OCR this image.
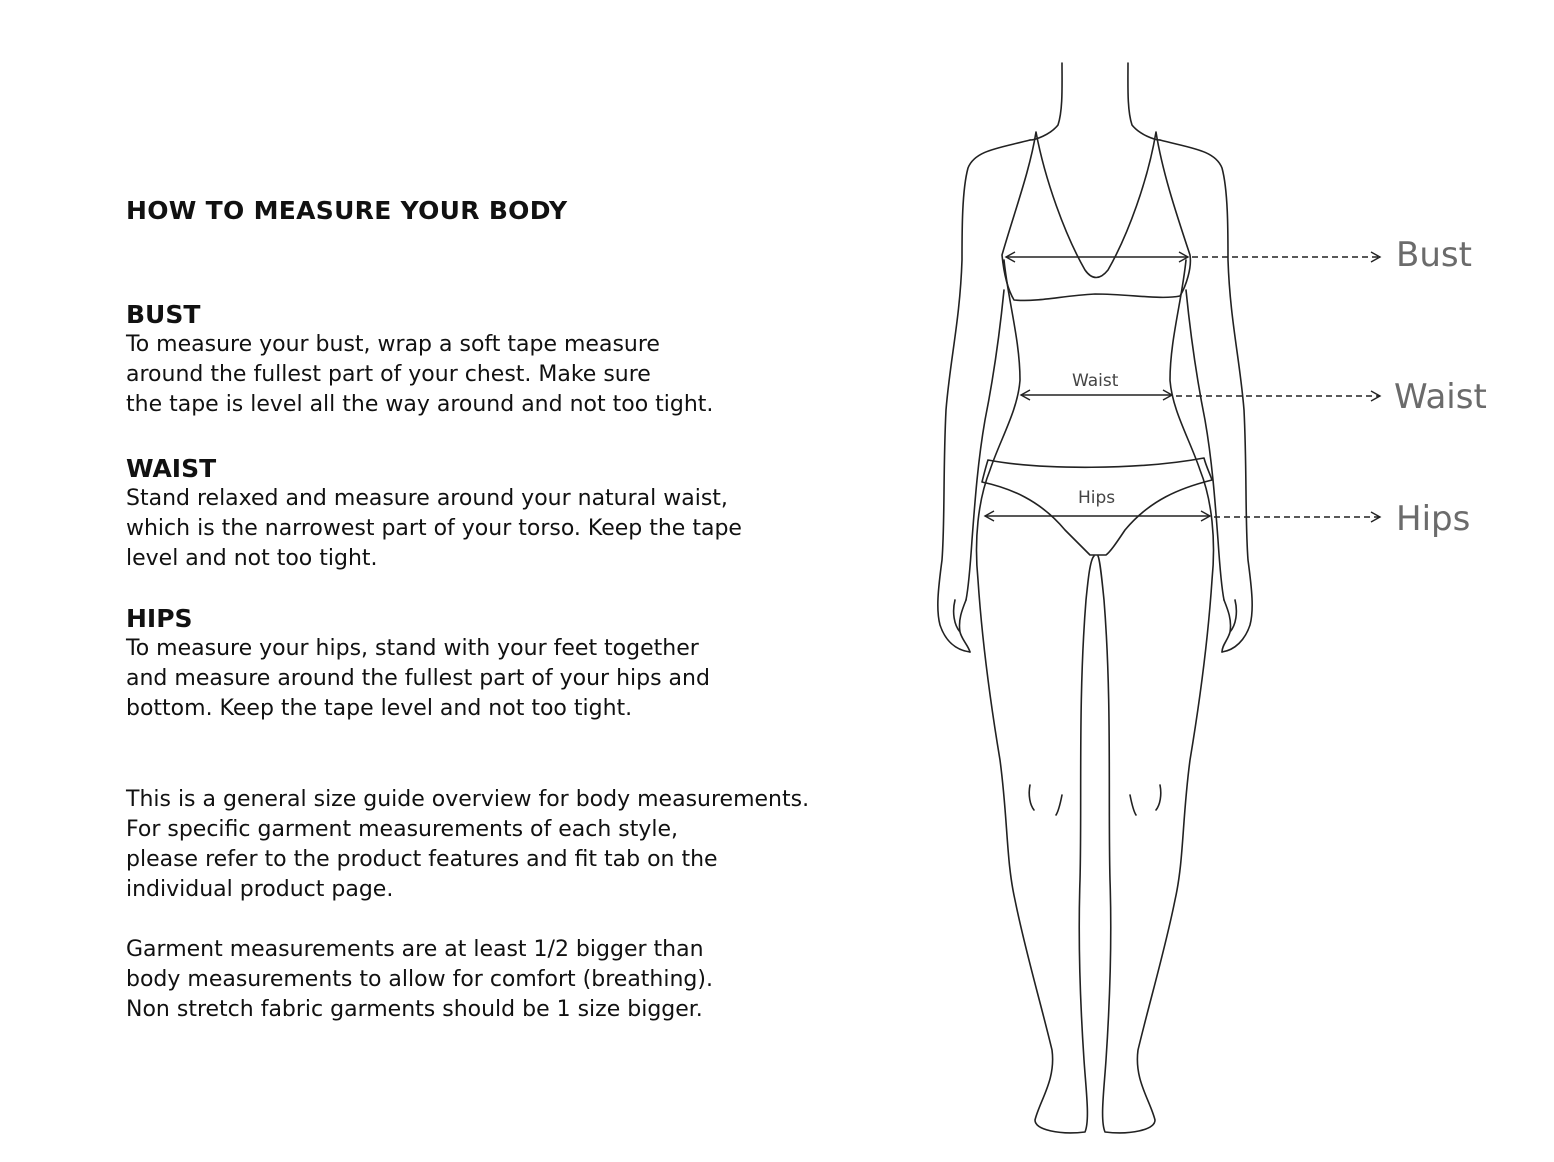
HOW TO MEASURE YOUR BODY
BUST

To measure your bust, wrap a soft tape measure
around the fullest part of your chest. Make sure
the tape is level all the way around and not too tight.

WAIST

Stand relaxed and measure around your natural waist,
which is the narrowest part of your torso. Keep the tape
level and not too tight.

HIPS

To measure your hips, stand with your feet together
and measure around the fullest part of your hips and
bottom. Keep the tape level and not too tight.

This is a general size guide overview for body measurements.
For specific garment measurements of each style,
please refer to the product features and fit tab on the
individual product page.

Garment measurements are at least 1/2 bigger than
body measurements to allow for comfort (breathing).
Non stretch fabric garments should be 1 size bigger.

Waist
Hips
Bust
Waist
Hips
